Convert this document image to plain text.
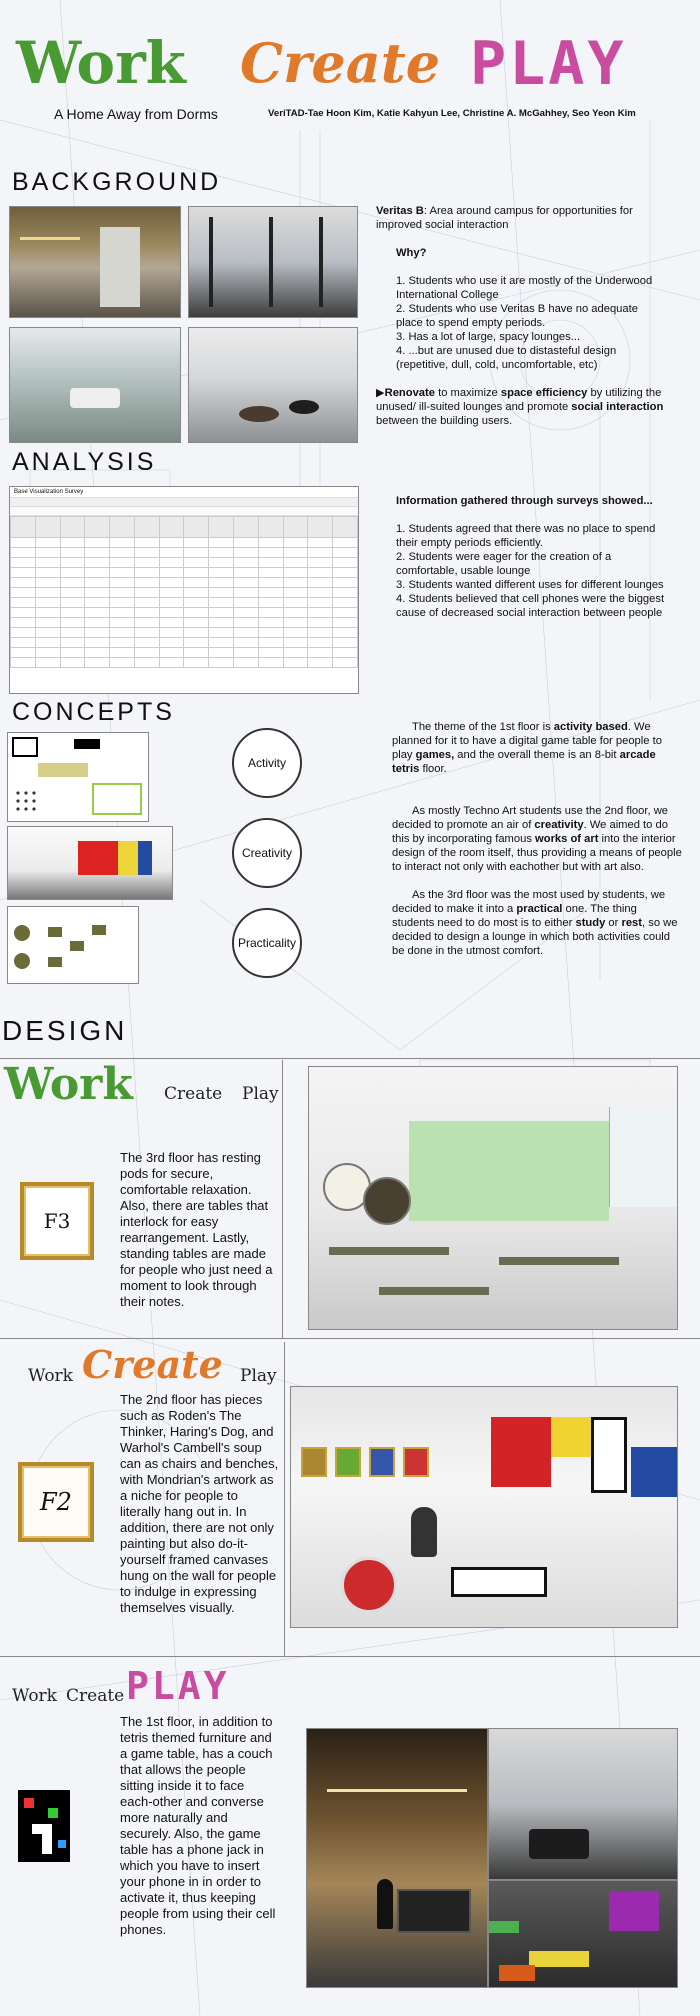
Work Create PLAY
A Home Away from Dorms	VeriTAD-Tae Hoon Kim, Katie Kahyun Lee, Christine A. McGahhey, Seo Yeon Kim
BACKGROUND

Veritas B: Area around campus for opportunities for improved social interaction

Why?

1. Students who use it are mostly of the Underwood International College

2. Students who use Veritas B have no adequate place to spend empty periods.

3. Has a lot of large, spacy lounges...

4. ...but are unused due to distasteful design (repetitive, dull, cold, uncomfortable, etc)

▶Renovate to maximize space efficiency by utilizing the unused/ ill-suited lounges and promote social interaction between the building users.

ANALYSIS
Base Visualization Survey

Information gathered through surveys showed...

1. Students agreed that there was no place to spend their empty periods efficiently.

2. Students were eager for the creation of a comfortable, usable lounge

3. Students wanted different uses for different lounges

4. Students believed that cell phones were the biggest cause of decreased social interaction between people

CONCEPTS
Activity
Creativity
Practicality

The theme of the 1st floor is activity based. We planned for it to have a digital game table for people to play games, and the overall theme is an 8-bit arcade tetris floor.

As mostly Techno Art students use the 2nd floor, we decided to promote an air of creativity. We aimed to do this by incorporating famous works of art into the interior design of the room itself, thus providing a means of people to interact not only with eachother but with art also.

As the 3rd floor was the most used by students, we decided to make it into a practical one. The thing students need to do most is to either study or rest, so we decided to design a lounge in which both activities could be done in the utmost comfort.

DESIGN
Work Create Play
F3
The 3rd floor has resting pods for secure, comfortable relaxation. Also, there are tables that interlock for easy rearrangement. Lastly, standing tables are made for people who just need a moment to look through their notes.
Work Create Play
F2
The 2nd floor has pieces such as Roden's The Thinker, Haring's Dog, and Warhol's Cambell's soup can as chairs and benches, with Mondrian's artwork as a niche for people to literally hang out in. In addition, there are not only painting but also do-it-yourself framed canvases hung on the wall for people to indulge in expressing themselves visually.
Work Create PLAY
The 1st floor, in addition to tetris themed furniture and a game table, has a couch that allows the people sitting inside it to face each-other and converse more naturally and securely. Also, the game table has a phone jack in which you have to insert your phone in in order to activate it, thus keeping people from using their cell phones.
